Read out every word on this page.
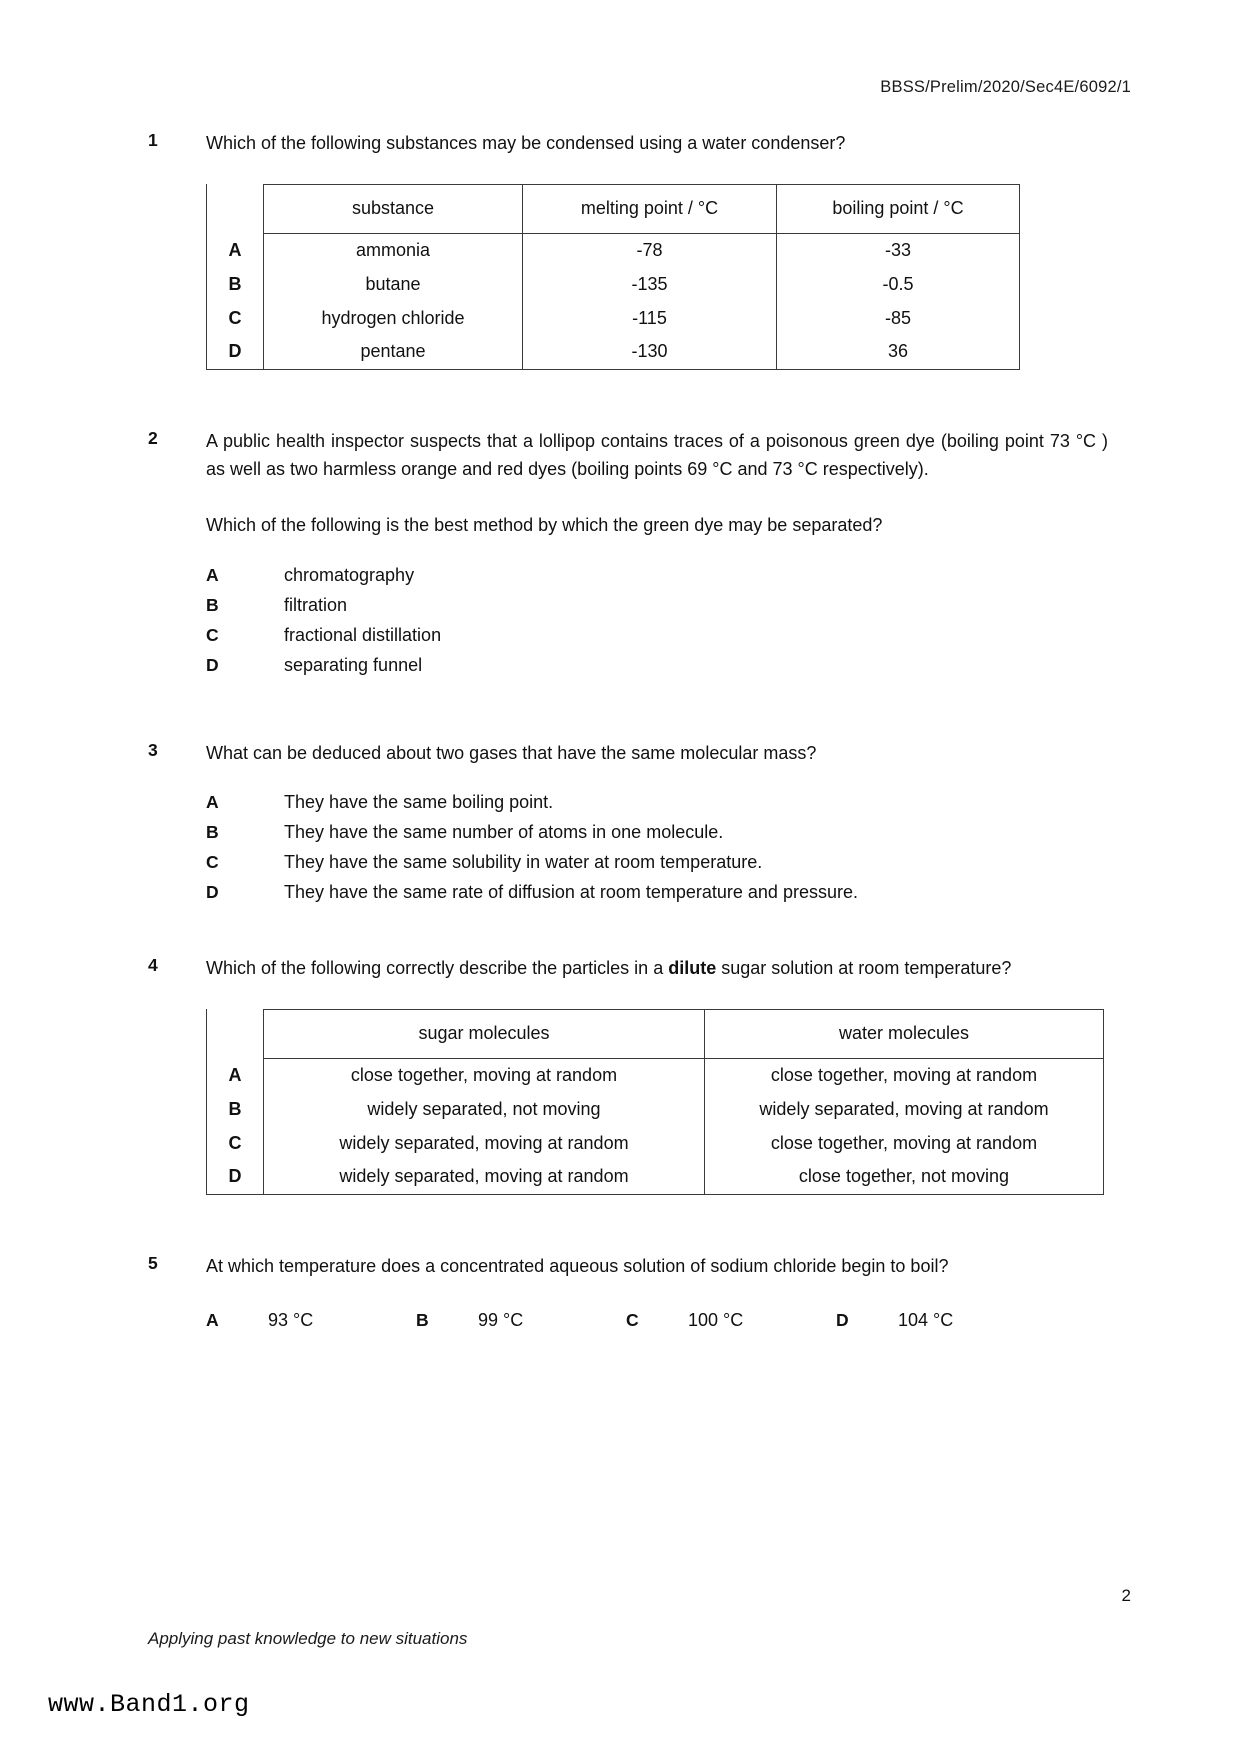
BBSS/Prelim/2020/Sec4E/6092/1
1	Which of the following substances may be condensed using a water condenser?
	substance	melting point / °C	boiling point / °C
A	ammonia	-78	-33
B	butane	-135	-0.5
C	hydrogen chloride	-115	-85
D	pentane	-130	36
2	A public health inspector suspects that a lollipop contains traces of a poisonous green dye (boiling point 73 °C ) as well as two harmless orange and red dyes (boiling points 69 °C and 73 °C respectively).
Which of the following is the best method by which the green dye may be separated?
A	chromatography
B	filtration
C	fractional distillation
D	separating funnel
3	What can be deduced about two gases that have the same molecular mass?
A	They have the same boiling point.
B	They have the same number of atoms in one molecule.
C	They have the same solubility in water at room temperature.
D	They have the same rate of diffusion at room temperature and pressure.
4	Which of the following correctly describe the particles in a dilute sugar solution at room temperature?
	sugar molecules	water molecules
A	close together, moving at random	close together, moving at random
B	widely separated, not moving	widely separated, moving at random
C	widely separated, moving at random	close together, moving at random
D	widely separated, moving at random	close together, not moving
5	At which temperature does a concentrated aqueous solution of sodium chloride begin to boil?
A	93 °C	B	99 °C	C	100 °C	D	104 °C
2
Applying past knowledge to new situations
www.Band1.org
